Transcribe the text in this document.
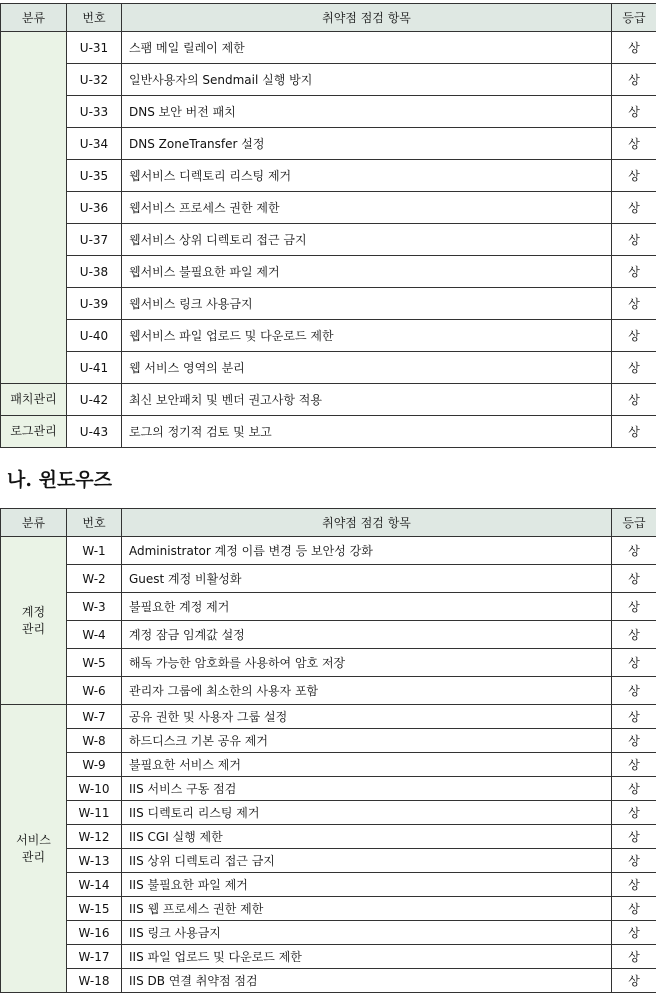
분류	번호	취약점 점검 항목	등급
	U-31	스팸 메일 릴레이 제한	상
	U-32	일반사용자의 Sendmail 실행 방지	상
	U-33	DNS 보안 버전 패치	상
	U-34	DNS ZoneTransfer 설정	상
	U-35	웹서비스 디렉토리 리스팅 제거	상
	U-36	웹서비스 프로세스 권한 제한	상
	U-37	웹서비스 상위 디렉토리 접근 금지	상
	U-38	웹서비스 불필요한 파일 제거	상
	U-39	웹서비스 링크 사용금지	상
	U-40	웹서비스 파일 업로드 및 다운로드 제한	상
	U-41	웹 서비스 영역의 분리	상
패치관리	U-42	최신 보안패치 및 벤더 권고사항 적용	상
로그관리	U-43	로그의 정기적 검토 및 보고	상
나. 윈도우즈
분류	번호	취약점 점검 항목	등급
계정
관리	W-1	Administrator 계정 이름 변경 등 보안성 강화	상
	W-2	Guest 계정 비활성화	상
	W-3	불필요한 계정 제거	상
	W-4	계정 잠금 임계값 설정	상
	W-5	해독 가능한 암호화를 사용하여 암호 저장	상
	W-6	관리자 그룹에 최소한의 사용자 포함	상
서비스
관리	W-7	공유 권한 및 사용자 그룹 설정	상
	W-8	하드디스크 기본 공유 제거	상
	W-9	불필요한 서비스 제거	상
	W-10	IIS 서비스 구동 점검	상
	W-11	IIS 디렉토리 리스팅 제거	상
	W-12	IIS CGI 실행 제한	상
	W-13	IIS 상위 디렉토리 접근 금지	상
	W-14	IIS 불필요한 파일 제거	상
	W-15	IIS 웹 프로세스 권한 제한	상
	W-16	IIS 링크 사용금지	상
	W-17	IIS 파일 업로드 및 다운로드 제한	상
	W-18	IIS DB 연결 취약점 점검	상
